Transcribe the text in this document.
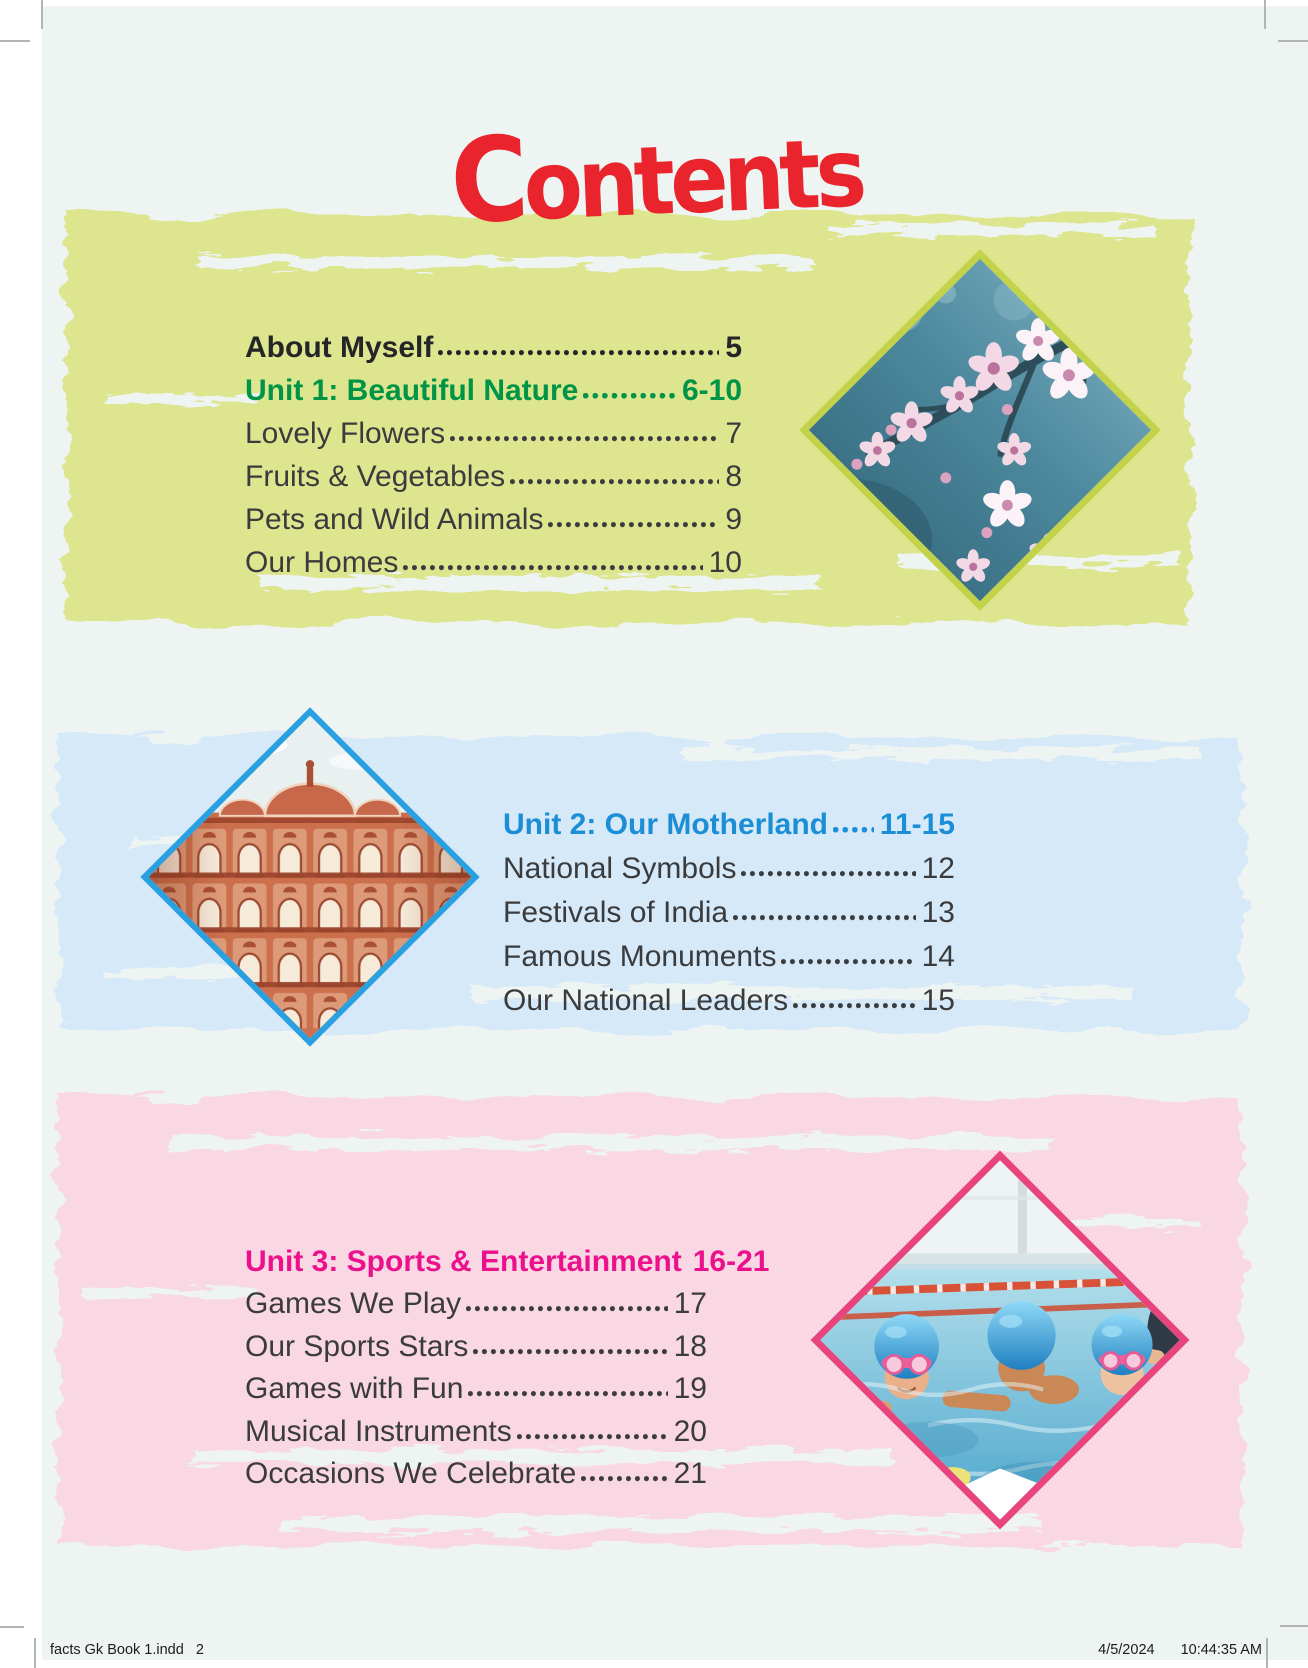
Contents
About Myself	5
Unit 1: Beautiful Nature	6-10
Lovely Flowers	7
Fruits & Vegetables	8
Pets and Wild Animals	9
Our Homes	10
Unit 2: Our Motherland 11-15
National Symbols	12
Festivals of India	13
Famous Monuments	14
Our National Leaders	15
Unit 3: Sports & Entertainment 16-21
Games We Play	17
Our Sports Stars	18
Games with Fun	19
Musical Instruments	20
Occasions We Celebrate	21
facts Gk Book 1.indd   2	4/5/2024 10:44:35 AM
